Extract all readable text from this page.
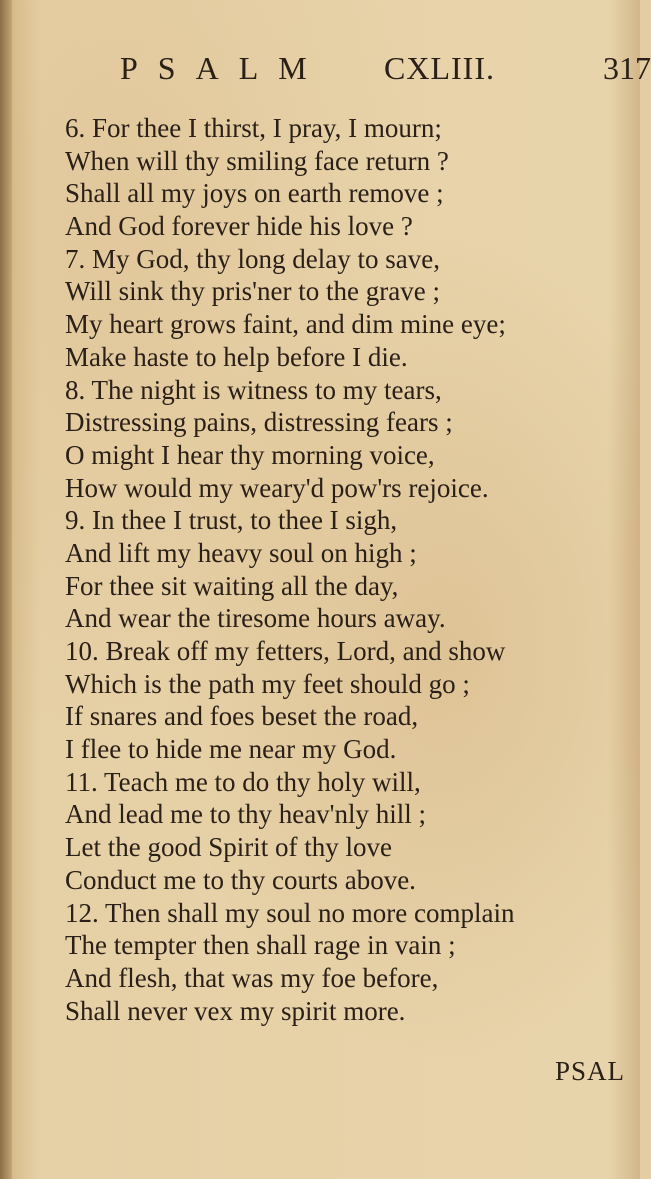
PSALM CXLIII.	317
6. For thee I thirst, I pray, I mourn;
When will thy smiling face return ?
Shall all my joys on earth remove ;
And God forever hide his love ?
7. My God, thy long delay to save,
Will sink thy pris'ner to the grave ;
My heart grows faint, and dim mine eye;
Make haste to help before I die.
8. The night is witness to my tears,
Distressing pains, distressing fears ;
O might I hear thy morning voice,
How would my weary'd pow'rs rejoice.
9. In thee I trust, to thee I sigh,
And lift my heavy soul on high ;
For thee sit waiting all the day,
And wear the tiresome hours away.
10. Break off my fetters, Lord, and show
Which is the path my feet should go ;
If snares and foes beset the road,
I flee to hide me near my God.
11. Teach me to do thy holy will,
And lead me to thy heav'nly hill ;
Let the good Spirit of thy love
Conduct me to thy courts above.
12. Then shall my soul no more complain
The tempter then shall rage in vain ;
And flesh, that was my foe before,
Shall never vex my spirit more.
PSAL
